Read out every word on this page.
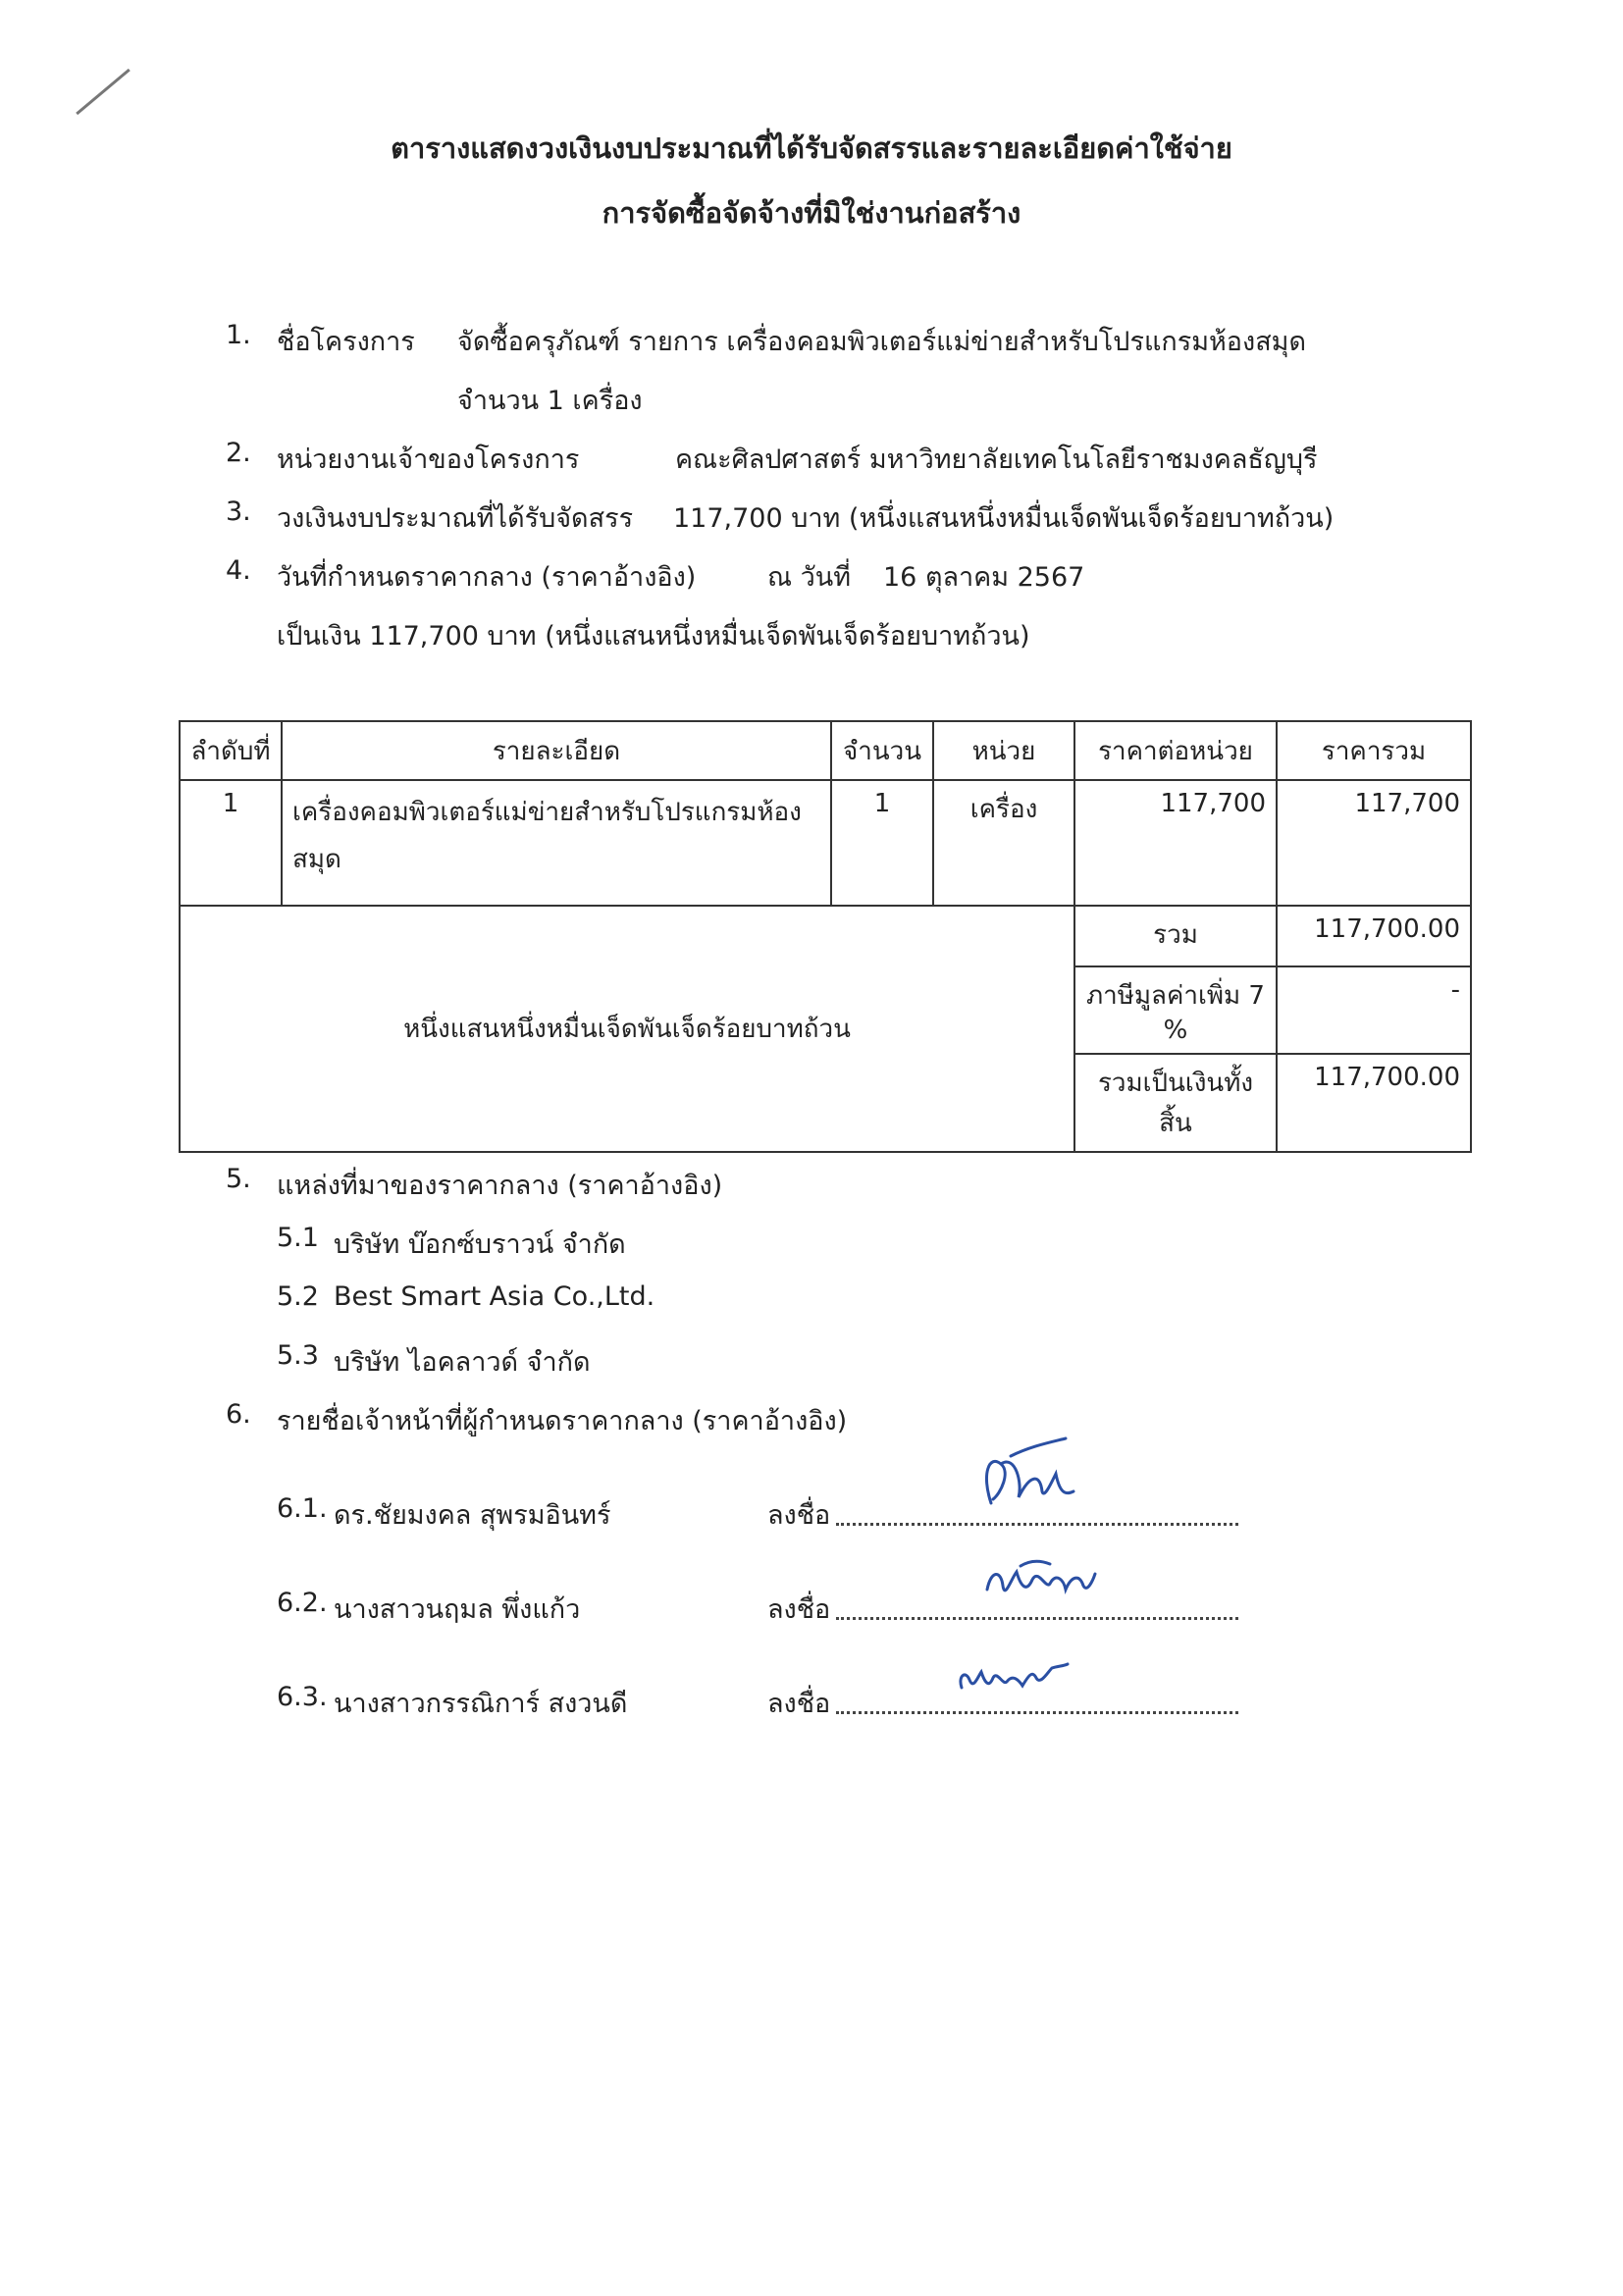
ตารางแสดงวงเงินงบประมาณที่ได้รับจัดสรรและรายละเอียดค่าใช้จ่าย
การจัดซื้อจัดจ้างที่มิใช่งานก่อสร้าง
1. ชื่อโครงการ จัดซื้อครุภัณฑ์ รายการ เครื่องคอมพิวเตอร์แม่ข่ายสำหรับโปรแกรมห้องสมุด
จำนวน 1 เครื่อง
2. หน่วยงานเจ้าของโครงการ	คณะศิลปศาสตร์ มหาวิทยาลัยเทคโนโลยีราชมงคลธัญบุรี
3. วงเงินงบประมาณที่ได้รับจัดสรร 117,700 บาท (หนึ่งแสนหนึ่งหมื่นเจ็ดพันเจ็ดร้อยบาทถ้วน)
4. วันที่กำหนดราคากลาง (ราคาอ้างอิง)	ณ วันที่ 16 ตุลาคม 2567
เป็นเงิน 117,700 บาท (หนึ่งแสนหนึ่งหมื่นเจ็ดพันเจ็ดร้อยบาทถ้วน)
ลำดับที่	รายละเอียด	จำนวน	หน่วย	ราคาต่อหน่วย	ราคารวม
1	เครื่องคอมพิวเตอร์แม่ข่ายสำหรับโปรแกรมห้องสมุด	1	เครื่อง	117,700	117,700
หนึ่งแสนหนึ่งหมื่นเจ็ดพันเจ็ดร้อยบาทถ้วน				รวม	117,700.00
				ภาษีมูลค่าเพิ่ม 7 %	-
				รวมเป็นเงินทั้งสิ้น	117,700.00
5. แหล่งที่มาของราคากลาง (ราคาอ้างอิง)
5.1 บริษัท บ๊อกซ์บราวน์ จำกัด
5.2 Best Smart Asia Co.,Ltd.
5.3 บริษัท ไอคลาวด์ จำกัด
6. รายชื่อเจ้าหน้าที่ผู้กำหนดราคากลาง (ราคาอ้างอิง)
6.1. ดร.ชัยมงคล สุพรมอินทร์	ลงชื่อ
6.2. นางสาวนฤมล พึ่งแก้ว	ลงชื่อ
6.3. นางสาวกรรณิการ์ สงวนดี	ลงชื่อ
